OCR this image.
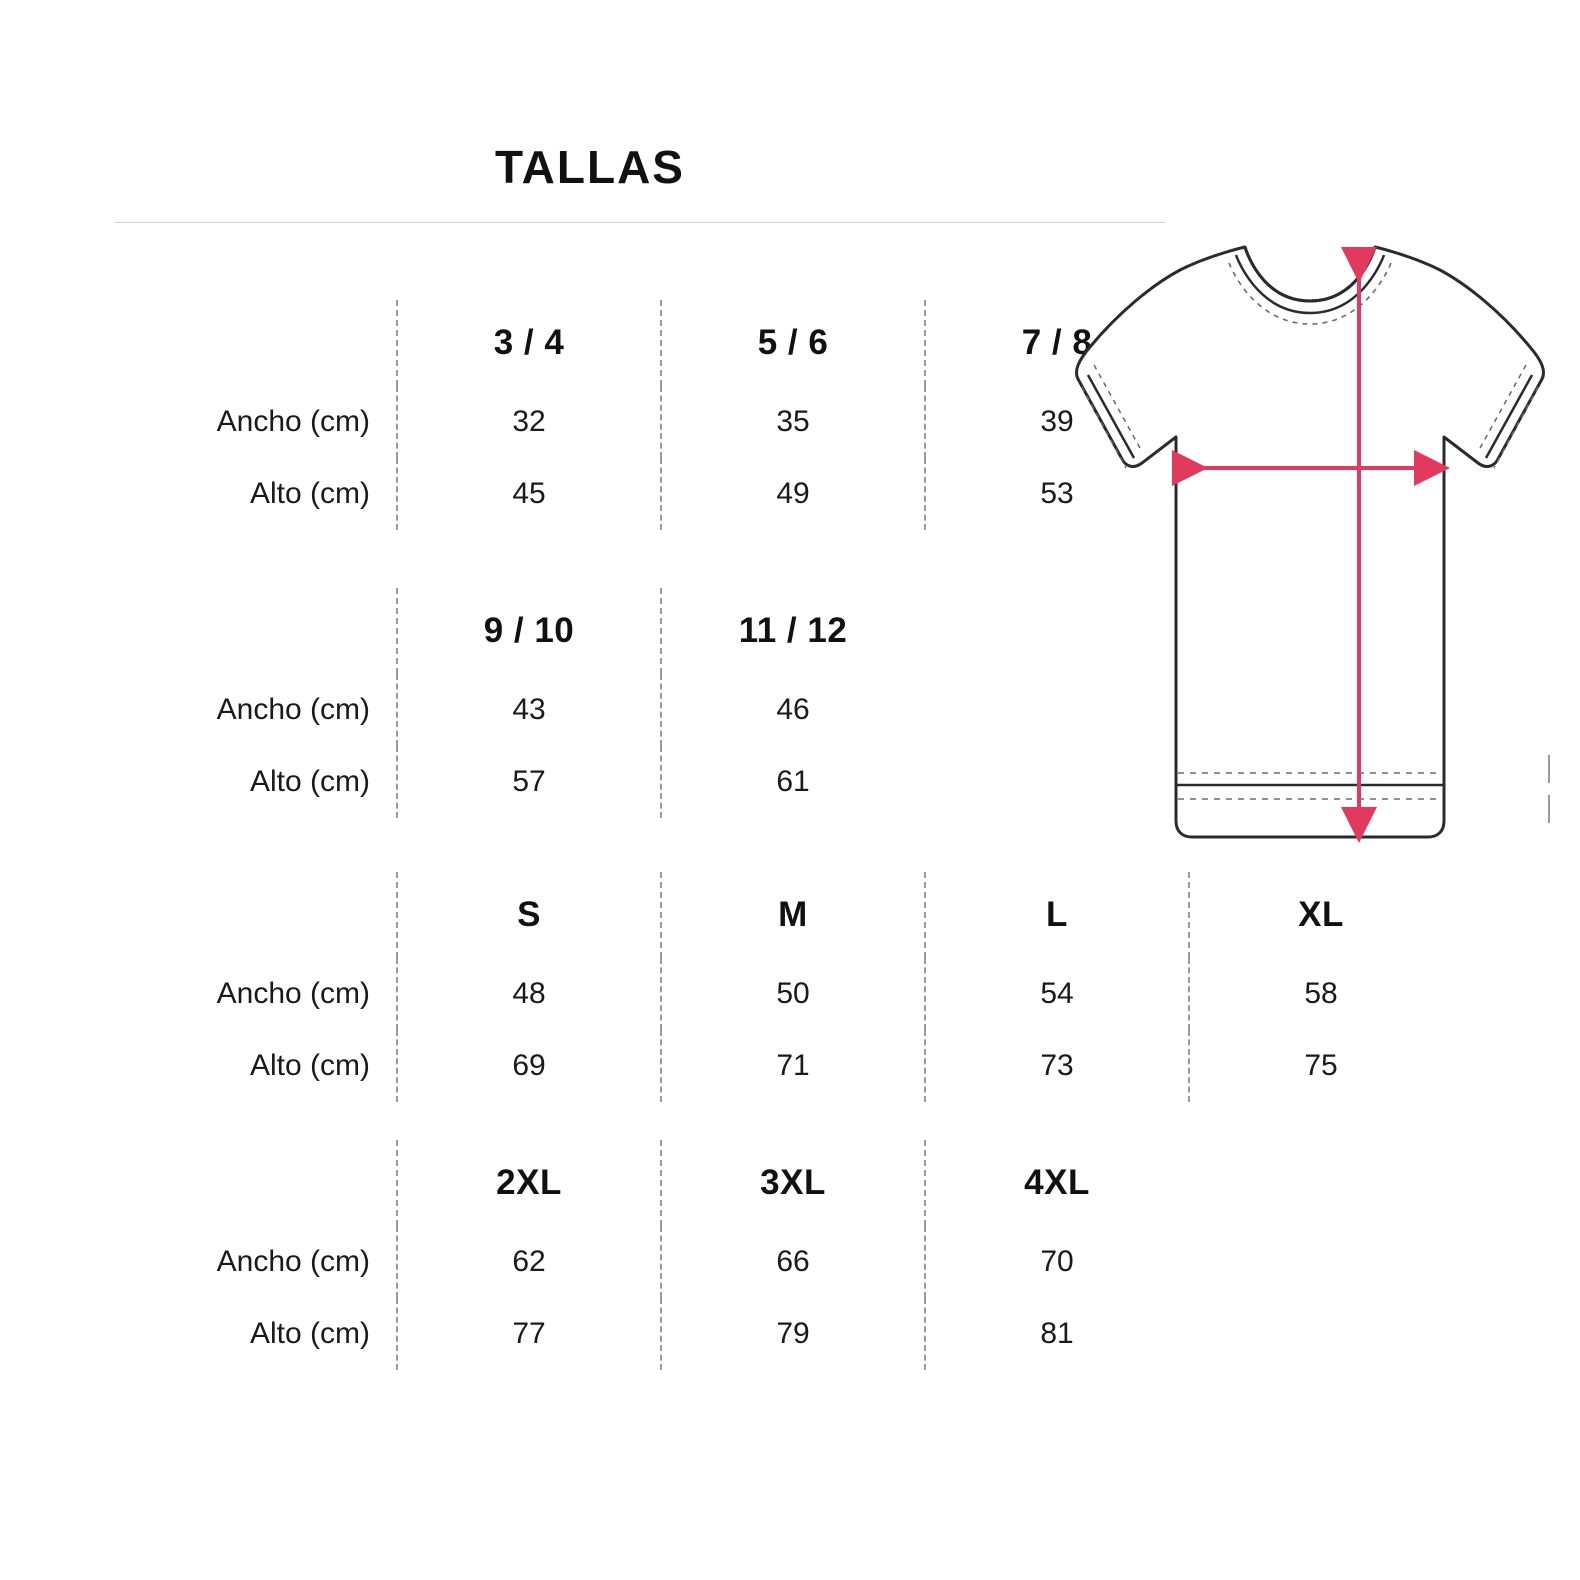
TALLAS
	3 / 4	5 / 6	7 / 8	
Ancho (cm)	32	35	39	
Alto (cm)	45	49	53	
	9 / 10	11 / 12	
Ancho (cm)	43	46	
Alto (cm)	57	61	
	S	M	L	XL	
Ancho (cm)	48	50	54	58	
Alto (cm)	69	71	73	75	
	2XL	3XL	4XL	
Ancho (cm)	62	66	70	
Alto (cm)	77	79	81	
